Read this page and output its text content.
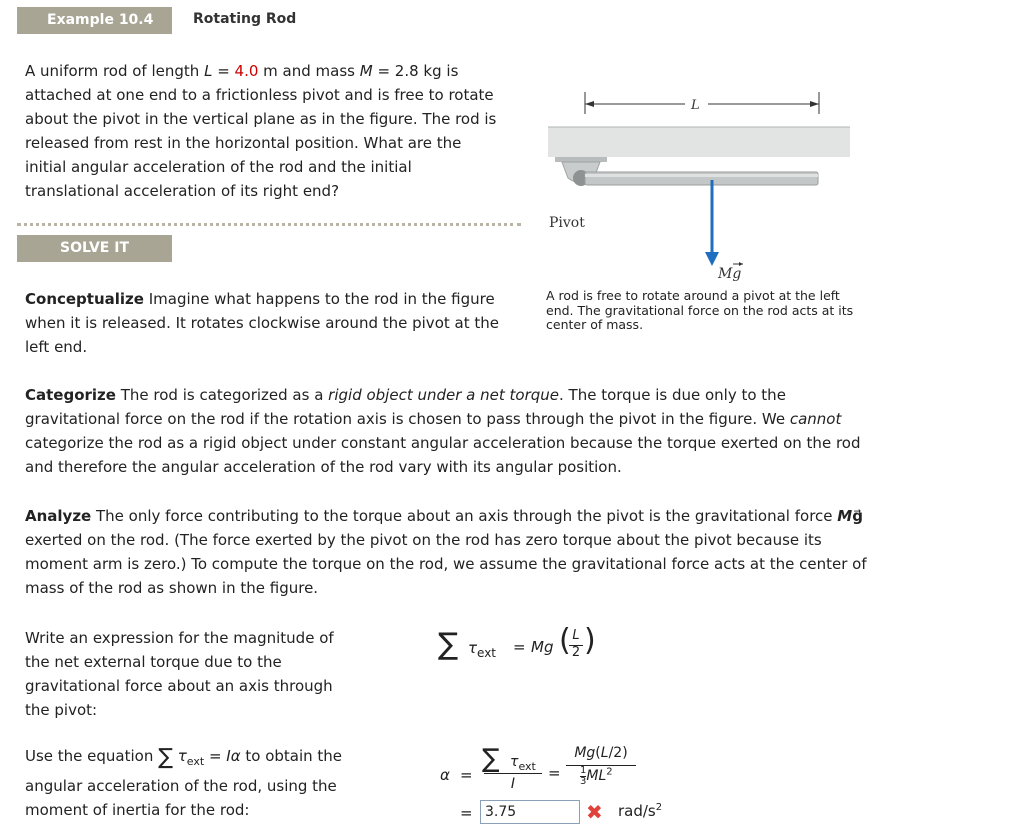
Example 10.4	Rotating Rod
A uniform rod of length L = 4.0 m and mass M = 2.8 kg is attached at one end to a frictionless pivot and is free to rotate about the pivot in the vertical plane as in the figure. The rod is released from rest in the horizontal position. What are the initial angular acceleration of the rod and the initial translational acceleration of its right end?
SOLVE IT
L
Mg
Pivot
A rod is free to rotate around a pivot at the left end. The gravitational force on the rod acts at its center of mass.
Conceptualize Imagine what happens to the rod in the figure when it is released. It rotates clockwise around the pivot at the left end.
Categorize The rod is categorized as a rigid object under a net torque. The torque is due only to the gravitational force on the rod if the rotation axis is chosen to pass through the pivot in the figure. We cannot categorize the rod as a rigid object under constant angular acceleration because the torque exerted on the rod and therefore the angular acceleration of the rod vary with its angular position.
Analyze The only force contributing to the torque about an axis through the pivot is the gravitational force Mg⃗ exerted on the rod. (The force exerted by the pivot on the rod has zero torque about the pivot because its moment arm is zero.) To compute the torque on the rod, we assume the gravitational force acts at the center of mass of the rod as shown in the figure.
Write an expression for the magnitude of the net external torque due to the gravitational force about an axis through the pivot:
∑ $\tau_{ext} = Mg$ ( L
2 )
Use the equation ∑ $\tau_{ext} = I\alpha$ to obtain the angular acceleration of the rod, using the moment of inertia for the rod:
α =
∑ $\tau_{ext}$
I
=
Mg(L/2)
1
$3ML^2$
= 3.75	✖ rad/$s^2$
